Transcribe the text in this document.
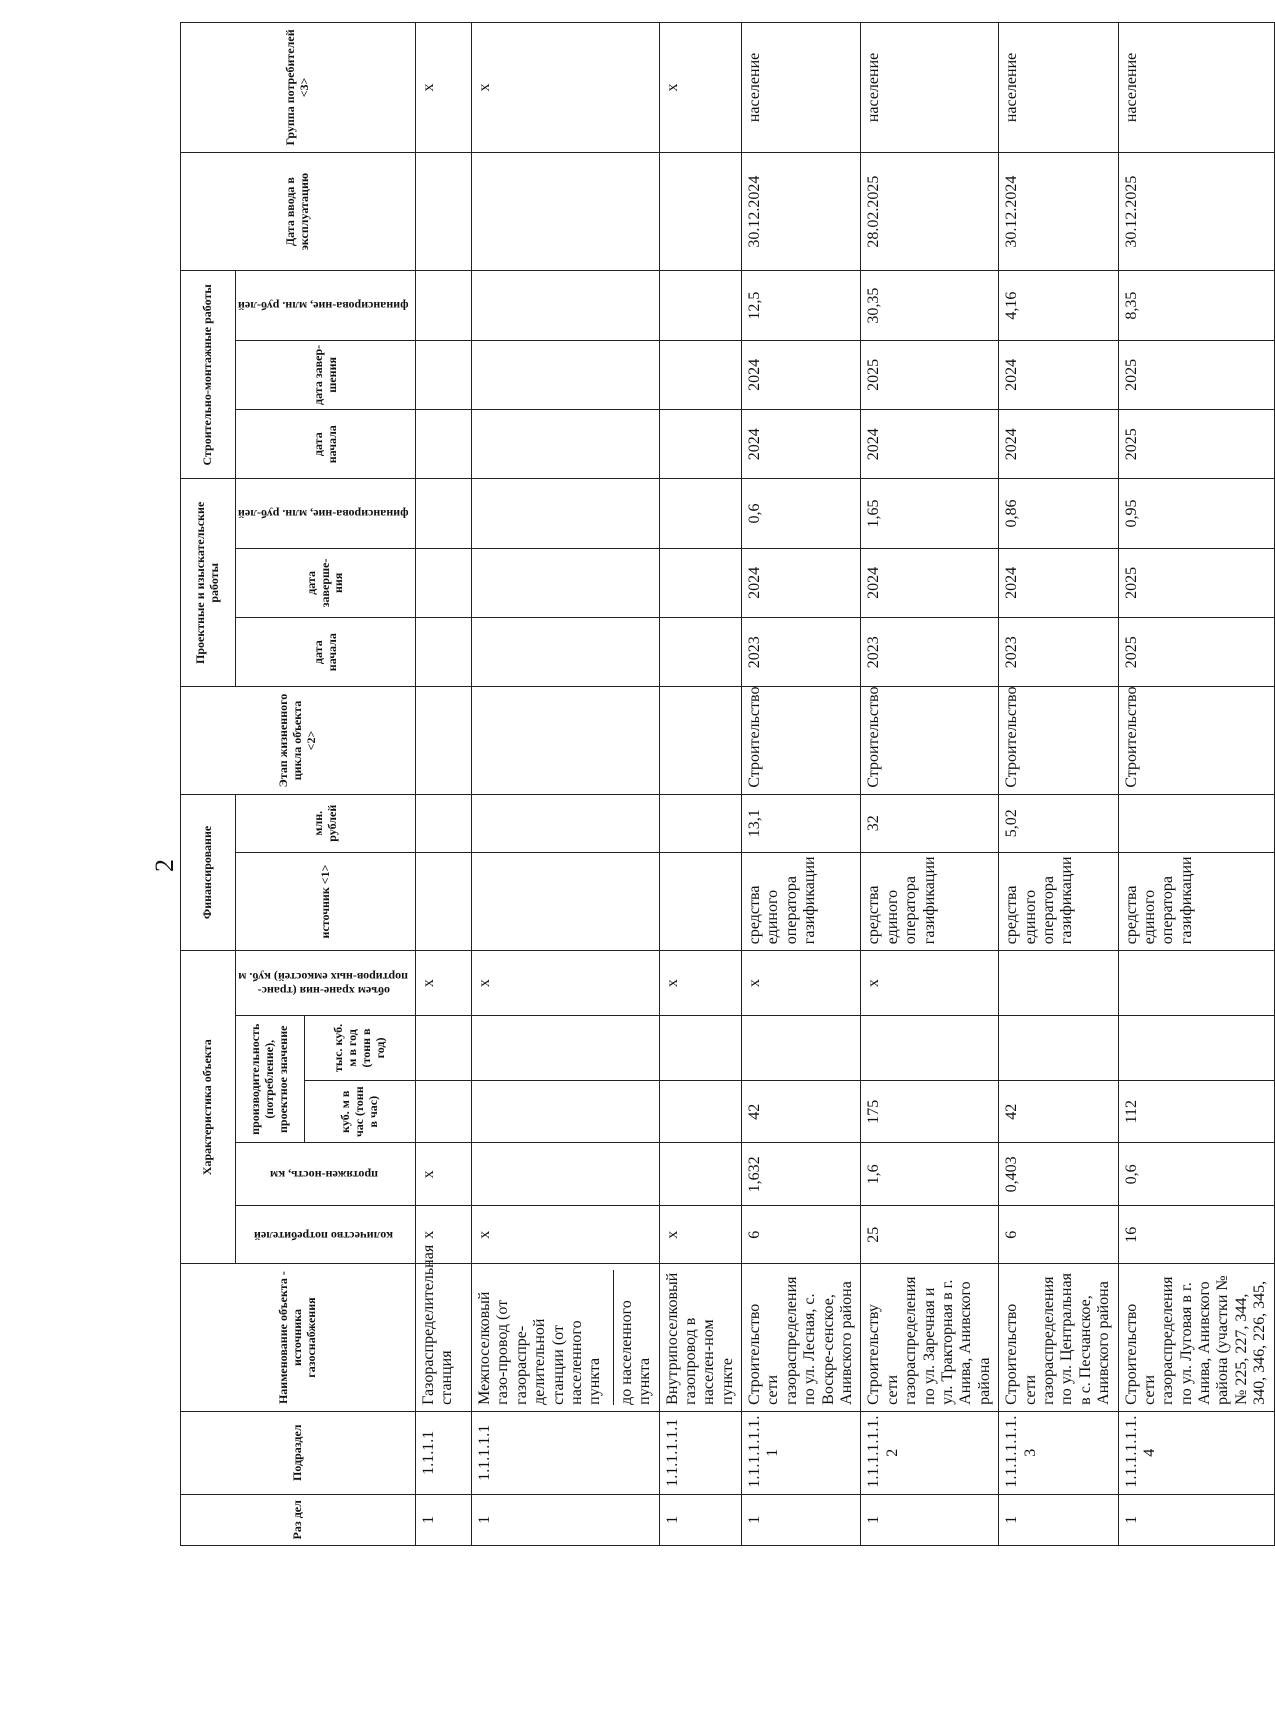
2
Раз дел	Подраздел	Наименование объекта - источника газоснабжения	Характеристика объекта					Финансирование		Этап жизненного цикла объекта <2>	Проектные и изыскательские работы			Строительно-монтажные работы			Дата ввода в эксплуатацию	Группа потребителей <3>
			количество потребителей	протяжен-ность, км	производительность (потребление), проектное значение		объем хране-ния (транс-портиров-ных емкостей) куб. м	источник <1>	млн. рублей		дата начала	дата заверше-ния	финансирова-ние, млн. руб-лей	дата начала	дата завер-шения	финансирова-ние, млн. руб-лей		
					куб. м в час (тонн в час)	тыс. куб. м в год (тонн в год)												

1	1.1.1.1	Газораспределительная станция	x	x			x											x

1	1.1.1.1.1	Межпоселковый газо-провод (от газораспре-делительной станции (от населенного пункта до населенного пункта	x				x											x

1	1.1.1.1.1.1	Внутрипоселковый газопровод в населен-ном пункте	x				x											x

1	1.1.1.1.1.1. 1	Строительство сети газораспределения по ул. Лесная, с. Воскре-сенское, Анивского района	6	1,632	42		x	средства единого оператора газификации	13,1	Строительство	2023	2024	0,6	2024	2024	12,5	30.12.2024	население

1	1.1.1.1.1.1. 2	Строительству сети газораспределения по ул. Заречная и ул. Тракторная в г. Анива, Анивского района	25	1,6	175		x	средства единого оператора газификации	32	Строительство	2023	2024	1,65	2024	2025	30,35	28.02.2025	население

1	1.1.1.1.1.1. 3	Строительство сети газораспределения по ул. Центральная в с. Песчанское, Анивского района	6	0,403	42			средства единого оператора газификации	5,02	Строительство	2023	2024	0,86	2024	2024	4,16	30.12.2024	население

1	1.1.1.1.1.1. 4	Строительство сети газораспределения по ул. Луговая в г. Анива, Анивского района (участки №№ 225, 227, 344, 340, 346, 226, 345,	16	0,6	112			средства единого оператора газификации		Строительство	2025	2025	0,95	2025	2025	8,35	30.12.2025	население
